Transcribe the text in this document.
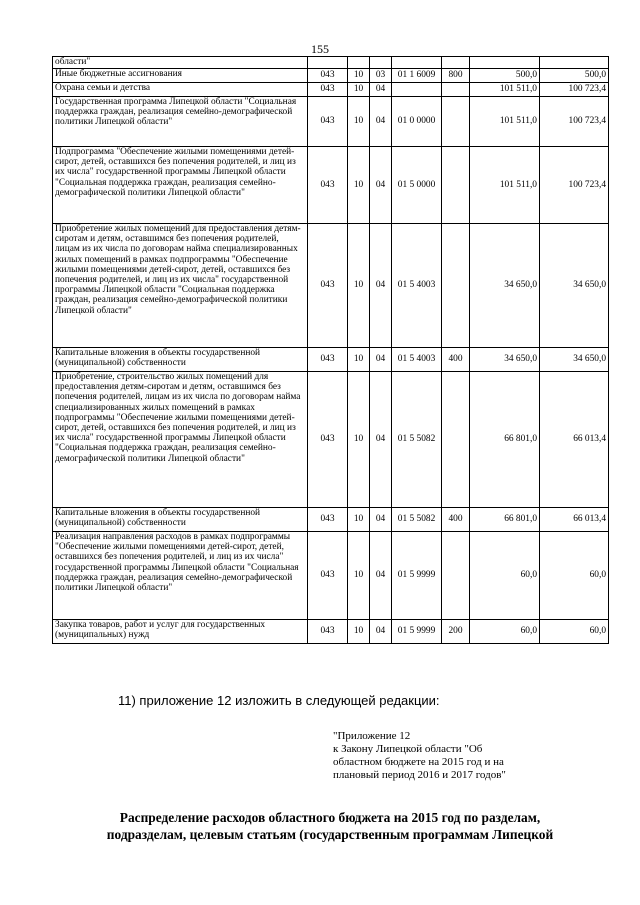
155
области"							
Иные бюджетные ассигнования	043	10	03	01 1 6009	800	500,0	500,0
Охрана семьи и детства	043	10	04			101 511,0	100 723,4
Государственная программа Липецкой области "Социальная поддержка граждан, реализация семейно-демографической политики Липецкой области"	043	10	04	01 0 0000		101 511,0	100 723,4
Подпрограмма "Обеспечение жилыми помещениями детей-сирот, детей, оставшихся без попечения родителей, и лиц из их числа" государственной программы Липецкой области "Социальная поддержка граждан, реализация семейно-демографической политики Липецкой области"	043	10	04	01 5 0000		101 511,0	100 723,4
Приобретение жилых помещений для предоставления детям-сиротам и детям, оставшимся без попечения родителей, лицам из их числа по договорам найма специализированных жилых помещений в рамках подпрограммы "Обеспечение жилыми помещениями детей-сирот, детей, оставшихся без попечения родителей, и лиц из их числа" государственной программы Липецкой области "Социальная поддержка граждан, реализация семейно-демографической политики Липецкой области"	043	10	04	01 5 4003		34 650,0	34 650,0
Капитальные вложения в объекты государственной (муниципальной) собственности	043	10	04	01 5 4003	400	34 650,0	34 650,0
Приобретение, строительство жилых помещений для предоставления детям-сиротам и детям, оставшимся без попечения родителей, лицам из их числа по договорам найма специализированных жилых помещений в рамках подпрограммы "Обеспечение жилыми помещениями детей-сирот, детей, оставшихся без попечения родителей, и лиц из их числа" государственной программы Липецкой области "Социальная поддержка граждан, реализация семейно-демографической политики Липецкой области"	043	10	04	01 5 5082		66 801,0	66 013,4
Капитальные вложения в объекты государственной (муниципальной) собственности	043	10	04	01 5 5082	400	66 801,0	66 013,4
Реализация направления расходов в рамках подпрограммы "Обеспечение жилыми помещениями детей-сирот, детей, оставшихся без попечения родителей, и лиц из их числа" государственной программы Липецкой области "Социальная поддержка граждан, реализация семейно-демографической политики Липецкой области"	043	10	04	01 5 9999		60,0	60,0
Закупка товаров, работ и услуг для государственных (муниципальных) нужд	043	10	04	01 5 9999	200	60,0	60,0
11) приложение 12 изложить в следующей редакции:
"Приложение 12
к Закону Липецкой области "Об
областном бюджете на 2015 год и на
плановый период 2016 и 2017 годов"
Распределение расходов областного бюджета на 2015 год по разделам,
подразделам, целевым статьям (государственным программам Липецкой
